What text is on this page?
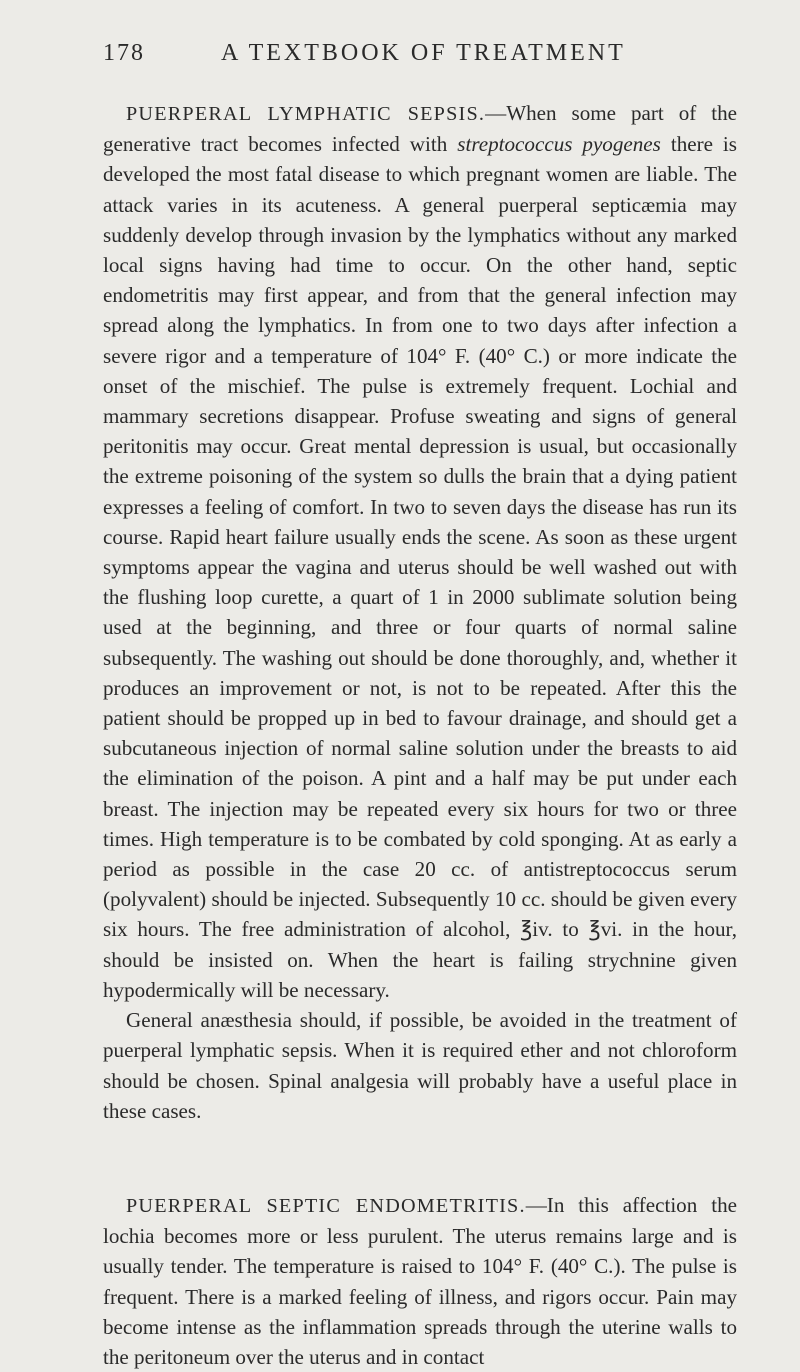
178	A TEXTBOOK OF TREATMENT

PUERPERAL LYMPHATIC SEPSIS.—When some part of the generative tract becomes infected with streptococcus pyogenes there is developed the most fatal disease to which pregnant women are liable. The attack varies in its acuteness. A general puerperal septicæmia may suddenly develop through invasion by the lymphatics without any marked local signs having had time to occur. On the other hand, septic endometritis may first appear, and from that the general infection may spread along the lymphatics. In from one to two days after infection a severe rigor and a temperature of 104° F. (40° C.) or more indicate the onset of the mischief. The pulse is extremely frequent. Lochial and mammary secretions disappear. Profuse sweating and signs of general peritonitis may occur. Great mental depression is usual, but occasionally the extreme poisoning of the system so dulls the brain that a dying patient expresses a feeling of comfort. In two to seven days the disease has run its course. Rapid heart failure usually ends the scene. As soon as these urgent symptoms appear the vagina and uterus should be well washed out with the flushing loop curette, a quart of 1 in 2000 sublimate solution being used at the beginning, and three or four quarts of normal saline subsequently. The washing out should be done thoroughly, and, whether it produces an improvement or not, is not to be repeated. After this the patient should be propped up in bed to favour drainage, and should get a subcutaneous injection of normal saline solution under the breasts to aid the elimination of the poison. A pint and a half may be put under each breast. The injection may be repeated every six hours for two or three times. High temperature is to be combated by cold sponging. At as early a period as possible in the case 20 cc. of antistreptococcus serum (polyvalent) should be injected. Subsequently 10 cc. should be given every six hours. The free administration of alcohol, ℥iv. to ℥vi. in the hour, should be insisted on. When the heart is failing strychnine given hypodermically will be necessary.

General anæsthesia should, if possible, be avoided in the treatment of puerperal lymphatic sepsis. When it is required ether and not chloroform should be chosen. Spinal analgesia will probably have a useful place in these cases.

PUERPERAL SEPTIC ENDOMETRITIS.—In this affection the lochia becomes more or less purulent. The uterus remains large and is usually tender. The temperature is raised to 104° F. (40° C.). The pulse is frequent. There is a marked feeling of illness, and rigors occur. Pain may become intense as the inflammation spreads through the uterine walls to the peritoneum over the uterus and in contact
